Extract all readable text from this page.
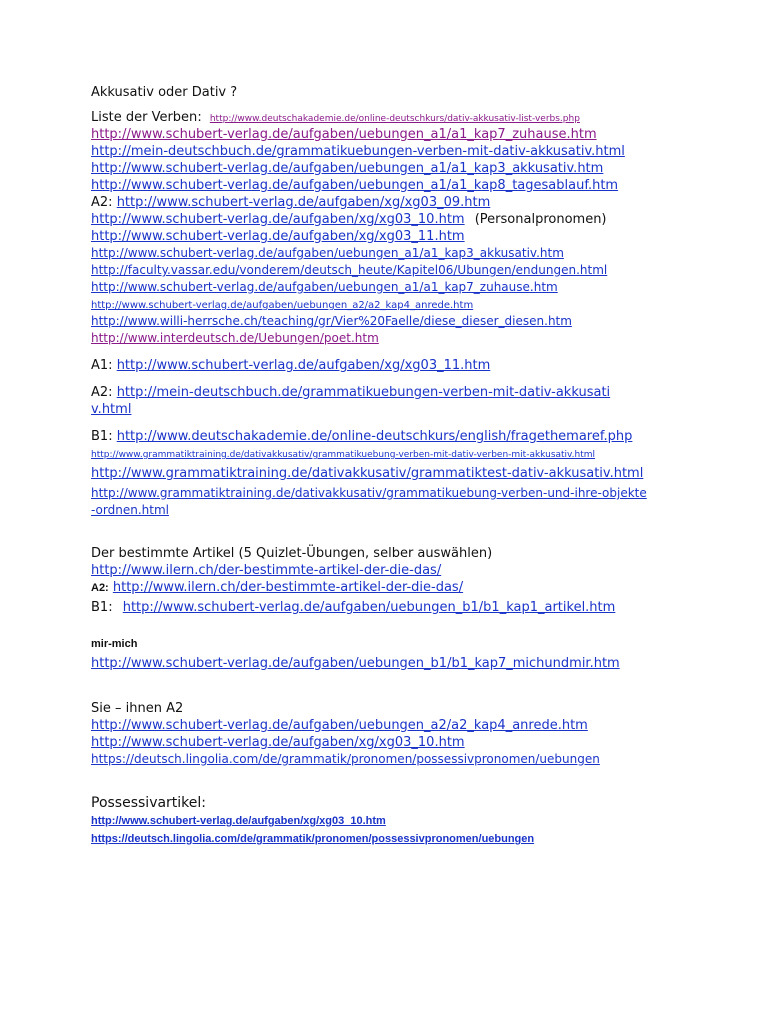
Akkusativ oder Dativ ?
Liste der Verben: http://www.deutschakademie.de/online-deutschkurs/dativ-akkusativ-list-verbs.php
http://www.schubert-verlag.de/aufgaben/uebungen_a1/a1_kap7_zuhause.htm
http://mein-deutschbuch.de/grammatikuebungen-verben-mit-dativ-akkusativ.html
http://www.schubert-verlag.de/aufgaben/uebungen_a1/a1_kap3_akkusativ.htm
http://www.schubert-verlag.de/aufgaben/uebungen_a1/a1_kap8_tagesablauf.htm
A2: http://www.schubert-verlag.de/aufgaben/xg/xg03_09.htm
http://www.schubert-verlag.de/aufgaben/xg/xg03_10.htm (Personalpronomen)
http://www.schubert-verlag.de/aufgaben/xg/xg03_11.htm
http://www.schubert-verlag.de/aufgaben/uebungen_a1/a1_kap3_akkusativ.htm
http://faculty.vassar.edu/vonderem/deutsch_heute/Kapitel06/Ubungen/endungen.html
http://www.schubert-verlag.de/aufgaben/uebungen_a1/a1_kap7_zuhause.htm
http://www.schubert-verlag.de/aufgaben/uebungen_a2/a2_kap4_anrede.htm
http://www.willi-herrsche.ch/teaching/gr/Vier%20Faelle/diese_dieser_diesen.htm
http://www.interdeutsch.de/Uebungen/poet.htm
A1: http://www.schubert-verlag.de/aufgaben/xg/xg03_11.htm
A2: http://mein-deutschbuch.de/grammatikuebungen-verben-mit-dativ-akkusativ.html
B1: http://www.deutschakademie.de/online-deutschkurs/english/fragethemaref.php
http://www.grammatiktraining.de/dativakkusativ/grammatikuebung-verben-mit-dativ-verben-mit-akkusativ.html
http://www.grammatiktraining.de/dativakkusativ/grammatiktest-dativ-akkusativ.html
http://www.grammatiktraining.de/dativakkusativ/grammatikuebung-verben-und-ihre-objekte-ordnen.html
Der bestimmte Artikel (5 Quizlet-Übungen, selber auswählen)
http://www.ilern.ch/der-bestimmte-artikel-der-die-das/
A2: http://www.ilern.ch/der-bestimmte-artikel-der-die-das/
B1: http://www.schubert-verlag.de/aufgaben/uebungen_b1/b1_kap1_artikel.htm
mir-mich
http://www.schubert-verlag.de/aufgaben/uebungen_b1/b1_kap7_michundmir.htm
Sie – ihnen A2
http://www.schubert-verlag.de/aufgaben/uebungen_a2/a2_kap4_anrede.htm
http://www.schubert-verlag.de/aufgaben/xg/xg03_10.htm
https://deutsch.lingolia.com/de/grammatik/pronomen/possessivpronomen/uebungen
Possessivartikel:
http://www.schubert-verlag.de/aufgaben/xg/xg03_10.htm
https://deutsch.lingolia.com/de/grammatik/pronomen/possessivpronomen/uebungen
